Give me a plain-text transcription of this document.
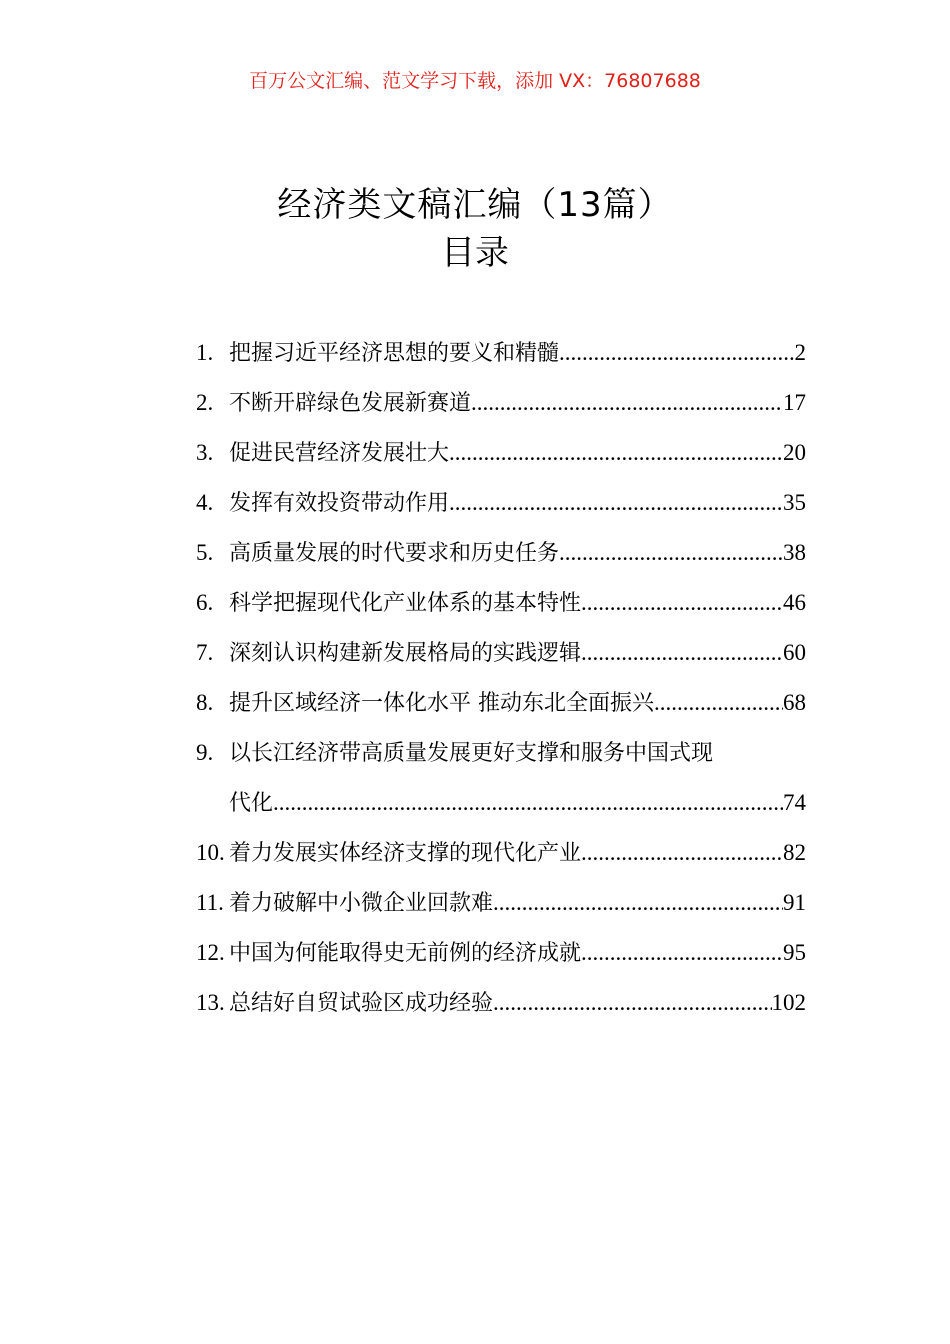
百万公文汇编、范文学习下载，添加 VX：76807688
经济类文稿汇编（13篇）
目录
1. 把握习近平经济思想的要义和精髓 .....	2
2. 不断开辟绿色发展新赛道 .....	17
3. 促进民营经济发展壮大 .....	20
4. 发挥有效投资带动作用 .....	35
5. 高质量发展的时代要求和历史任务 .....	38
6. 科学把握现代化产业体系的基本特性 .....	46
7. 深刻认识构建新发展格局的实践逻辑 .....	60
8. 提升区域经济一体化水平 推动东北全面振兴 .....	68
9. 以长江经济带高质量发展更好支撑和服务中国式现
代化 .....	74
10. 着力发展实体经济支撑的现代化产业 .....	82
11. 着力破解中小微企业回款难 .....	91
12. 中国为何能取得史无前例的经济成就 .....	95
13. 总结好自贸试验区成功经验 .....	102
